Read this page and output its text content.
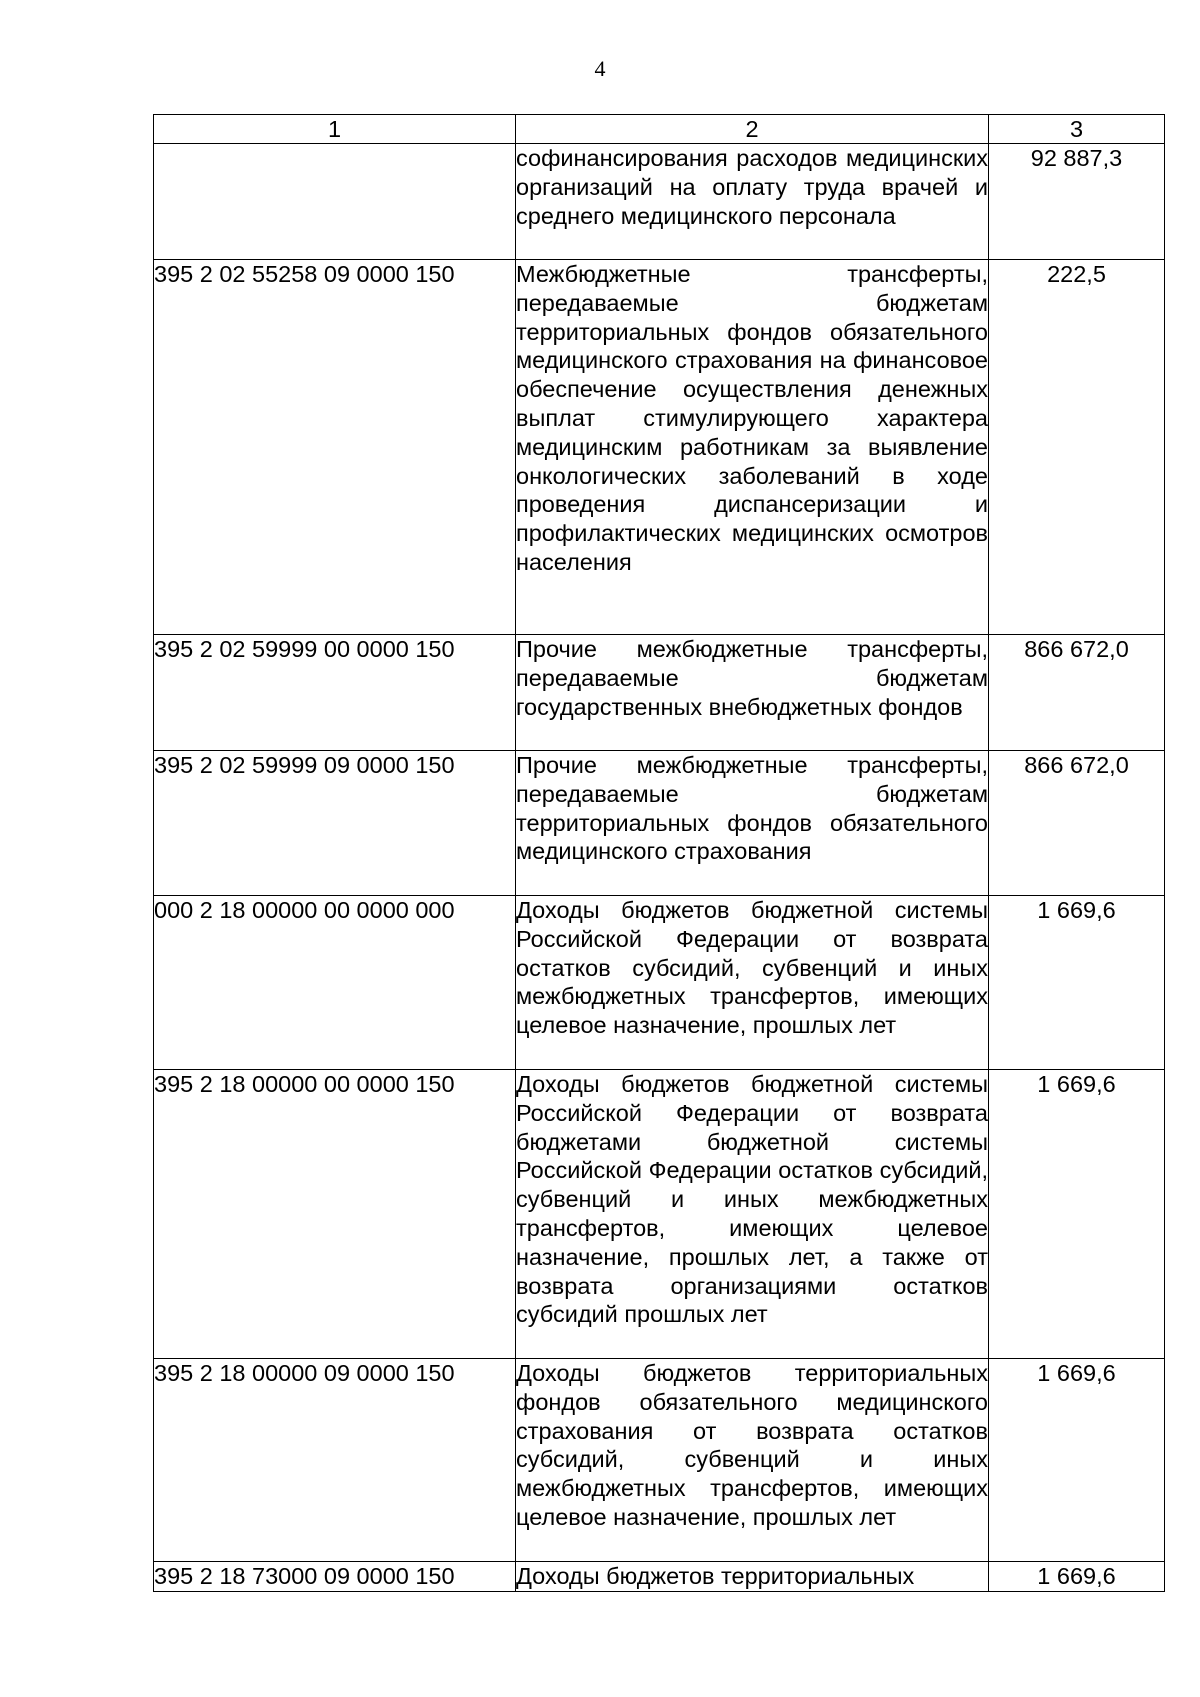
4
1	2	3
	софинансирования расходов медицинских организаций на оплату труда врачей и среднего медицинского персонала	92 887,3
395 2 02 55258 09 0000 150	Межбюджетные трансферты, передаваемые бюджетам территориальных фондов обязательного медицинского страхования на финансовое обеспечение осуществления денежных выплат стимулирующего характера медицинским работникам за выявление онкологических заболеваний в ходе проведения диспансеризации и профилактических медицинских осмотров населения	222,5
395 2 02 59999 00 0000 150	Прочие межбюджетные трансферты, передаваемые бюджетам государственных внебюджетных фондов	866 672,0
395 2 02 59999 09 0000 150	Прочие межбюджетные трансферты, передаваемые бюджетам территориальных фондов обязательного медицинского страхования	866 672,0
000 2 18 00000 00 0000 000	Доходы бюджетов бюджетной системы Российской Федерации от возврата остатков субсидий, субвенций и иных межбюджетных трансфертов, имеющих целевое назначение, прошлых лет	1 669,6
395 2 18 00000 00 0000 150	Доходы бюджетов бюджетной системы Российской Федерации от возврата бюджетами бюджетной системы Российской Федерации остатков субсидий, субвенций и иных межбюджетных трансфертов, имеющих целевое назначение, прошлых лет, а также от возврата организациями остатков субсидий прошлых лет	1 669,6
395 2 18 00000 09 0000 150	Доходы бюджетов территориальных фондов обязательного медицинского страхования от возврата остатков субсидий, субвенций и иных межбюджетных трансфертов, имеющих целевое назначение, прошлых лет	1 669,6
395 2 18 73000 09 0000 150	Доходы бюджетов территориальных	1 669,6
